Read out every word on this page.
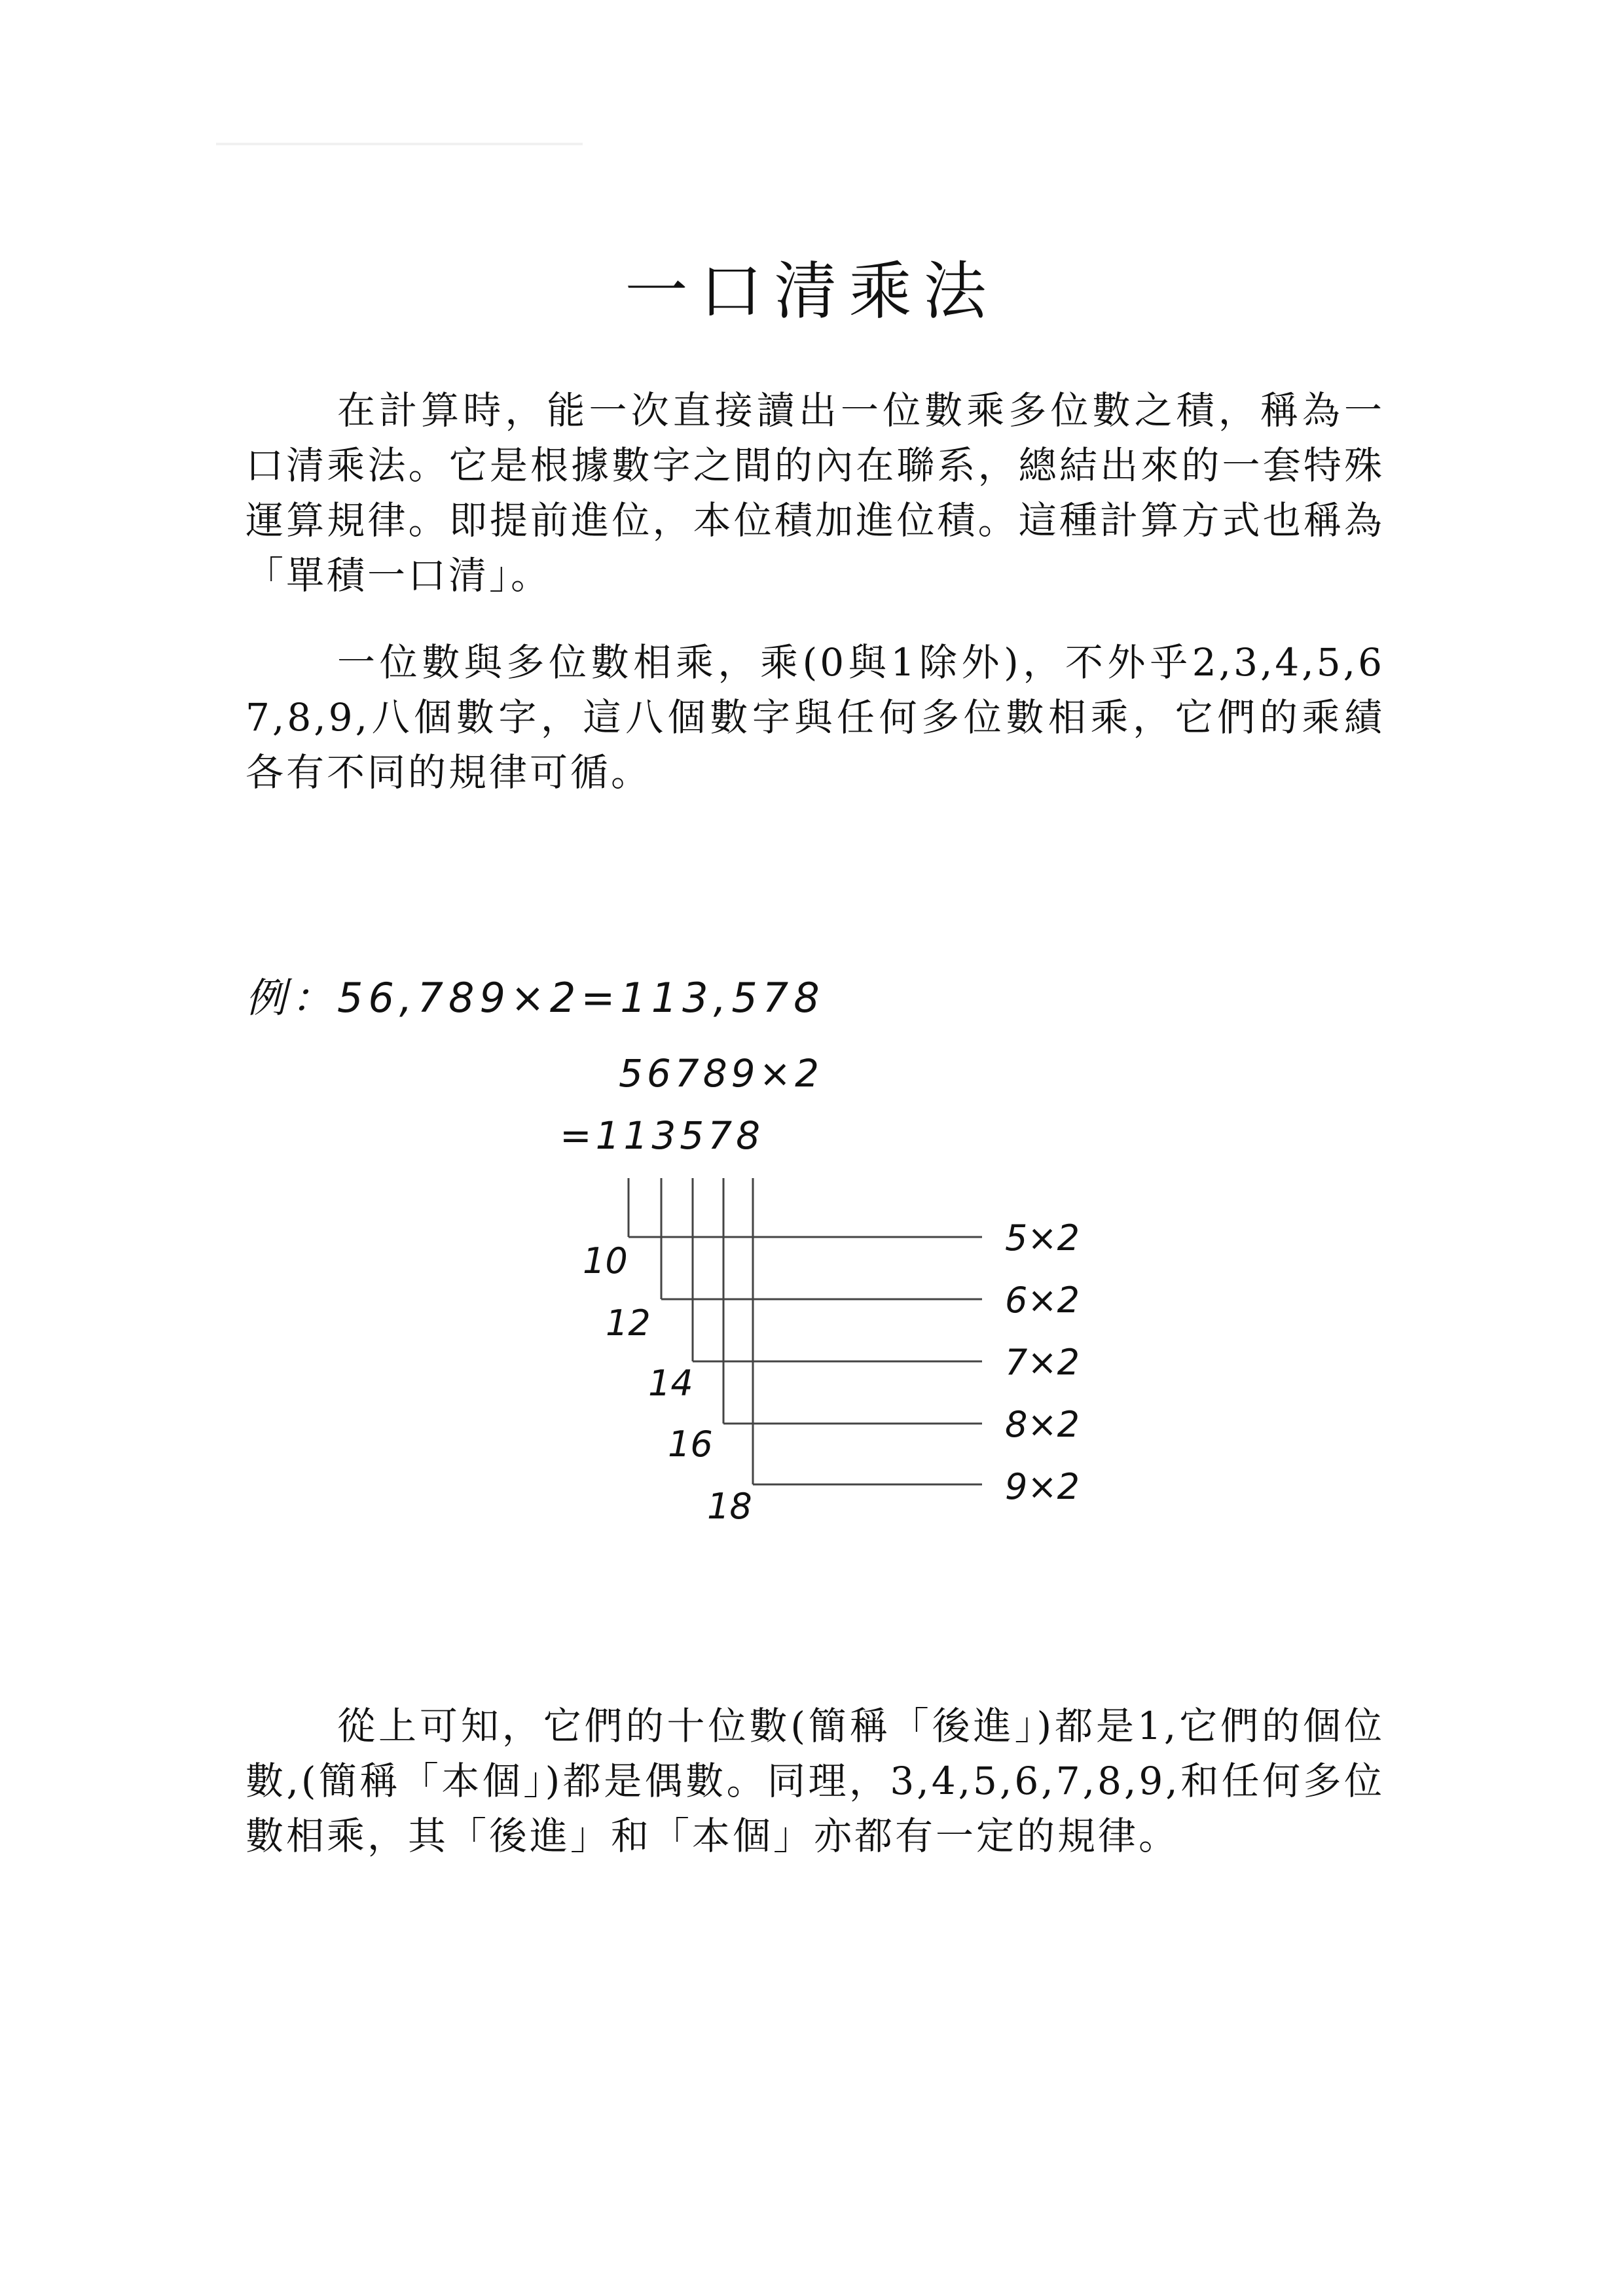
一口清乘法

在計算時，能一次直接讀出一位數乘多位數之積，稱為一口清乘法。它是根據數字之間的內在聯系，總結出來的一套特殊運算規律。即提前進位，本位積加進位積。這種計算方式也稱為「單積一口清」。

一位數與多位數相乘，乘(0與1除外)，不外乎2,3,4,5,6 7,8,9,八個數字，這八個數字與任何多位數相乘，它們的乘績各有不同的規律可循。

例：56,789×2=113,578
56789×2
=113578
10
12
14
16
18
5×2
6×2
7×2
8×2
9×2

從上可知，它們的十位數(簡稱「後進」)都是1,它們的個位數,(簡稱「本個」)都是偶數。同理，3,4,5,6,7,8,9,和任何多位數相乘，其「後進」和「本個」亦都有一定的規律。
